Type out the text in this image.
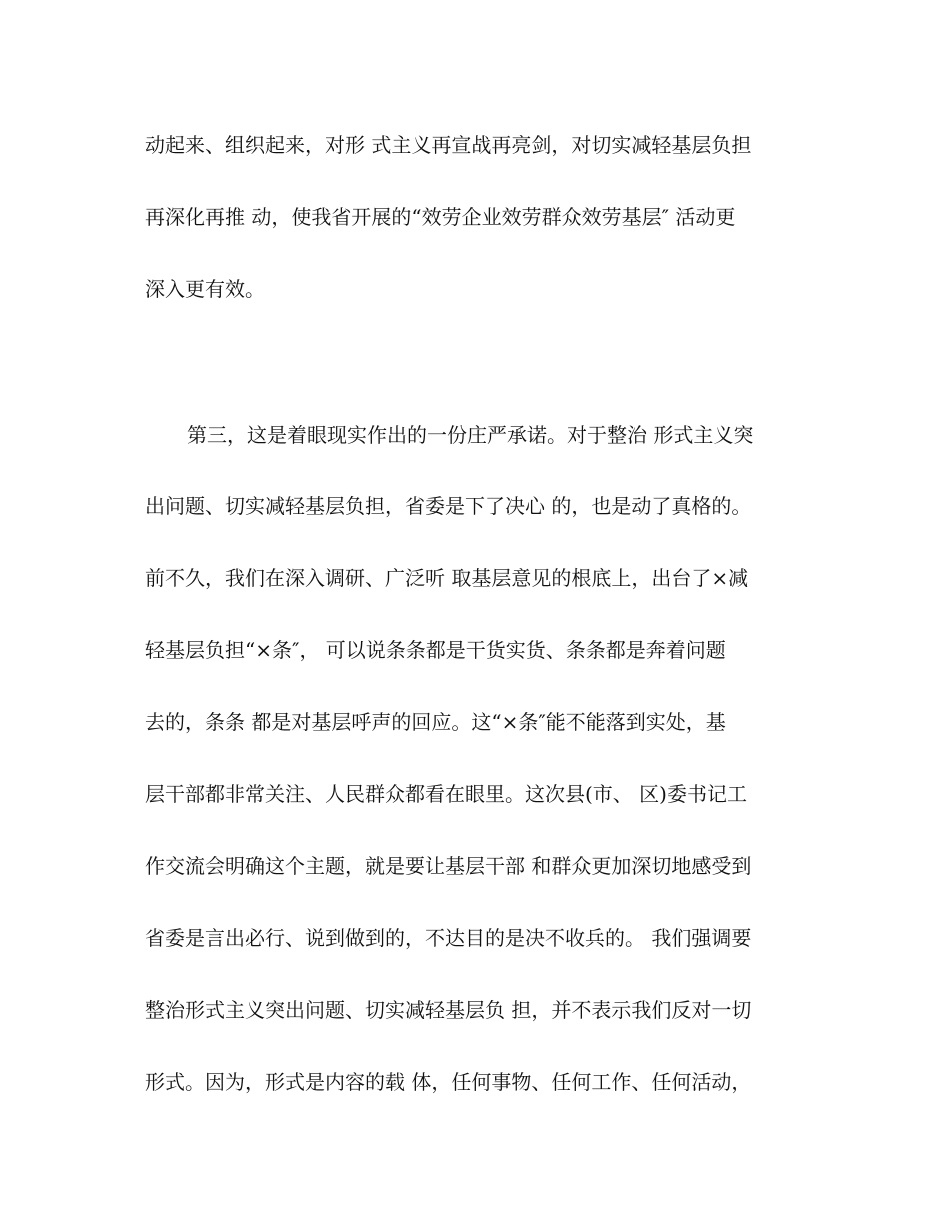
动起来、组织起来，对形 式主义再宣战再亮剑，对切实减轻基层负担

再深化再推 动，使我省开展的“效劳企业效劳群众效劳基层″ 活动更

深入更有效。

第三，这是着眼现实作出的一份庄严承诺。对于整治 形式主义突

出问题、切实减轻基层负担，省委是下了决心 的，也是动了真格的。

前不久，我们在深入调研、广泛听 取基层意见的根底上，出台了×减

轻基层负担“×条″， 可以说条条都是干货实货、条条都是奔着问题

去的，条条 都是对基层呼声的回应。这“×条″能不能落到实处，基

层干部都非常关注、人民群众都看在眼里。这次县(市、 区)委书记工

作交流会明确这个主题，就是要让基层干部 和群众更加深切地感受到

省委是言出必行、说到做到的，不达目的是决不收兵的。 我们强调要

整治形式主义突出问题、切实减轻基层负 担，并不表示我们反对一切

形式。因为，形式是内容的载 体，任何事物、任何工作、任何活动，
